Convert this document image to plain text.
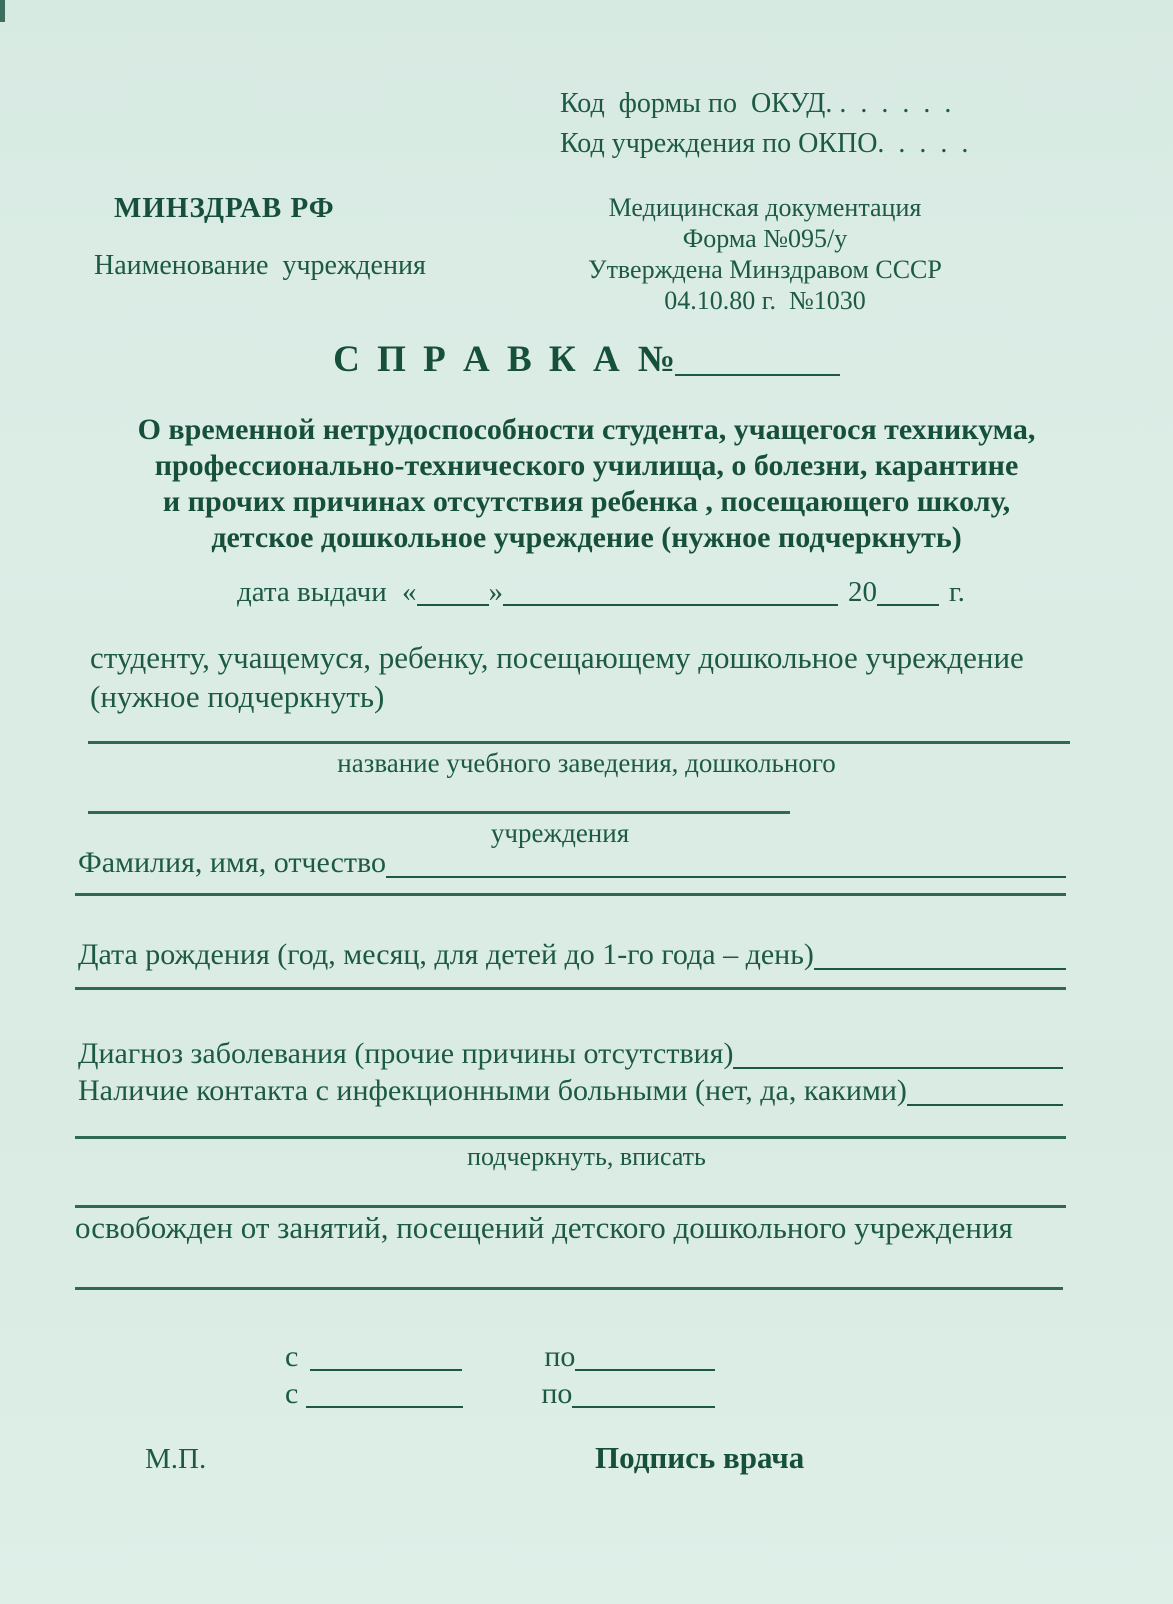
Код  формы по  ОКУД. .  .  .  .  .  .
Код учреждения по ОКПО.  .  .  .  .
МИНЗДРАВ РФ
Наименование  учреждения
Медицинская документация
Форма №095/у
Утверждена Минздравом СССР
04.10.80 г.  №1030
С П Р А В К А №
О временной нетрудоспособности студента, учащегося техникума,
профессионально-технического училища, о болезни, карантине
и прочих причинах отсутствия ребенка , посещающего школу,
детское дошкольное учреждение (нужное подчеркнуть)
дата выдачи « »	20 г.
студенту, учащемуся, ребенку, посещающему дошкольное учреждение
(нужное подчеркнуть)
название учебного заведения, дошкольного
учреждения
Фамилия, имя, отчество
Дата рождения (год, месяц, для детей до 1-го года – день)
Диагноз заболевания (прочие причины отсутствия)
Наличие контакта с инфекционными больными (нет, да, какими)
подчеркнуть, вписать
освобожден от занятий, посещений детского дошкольного учреждения
с	по
с	по
М.П.	Подпись врача
